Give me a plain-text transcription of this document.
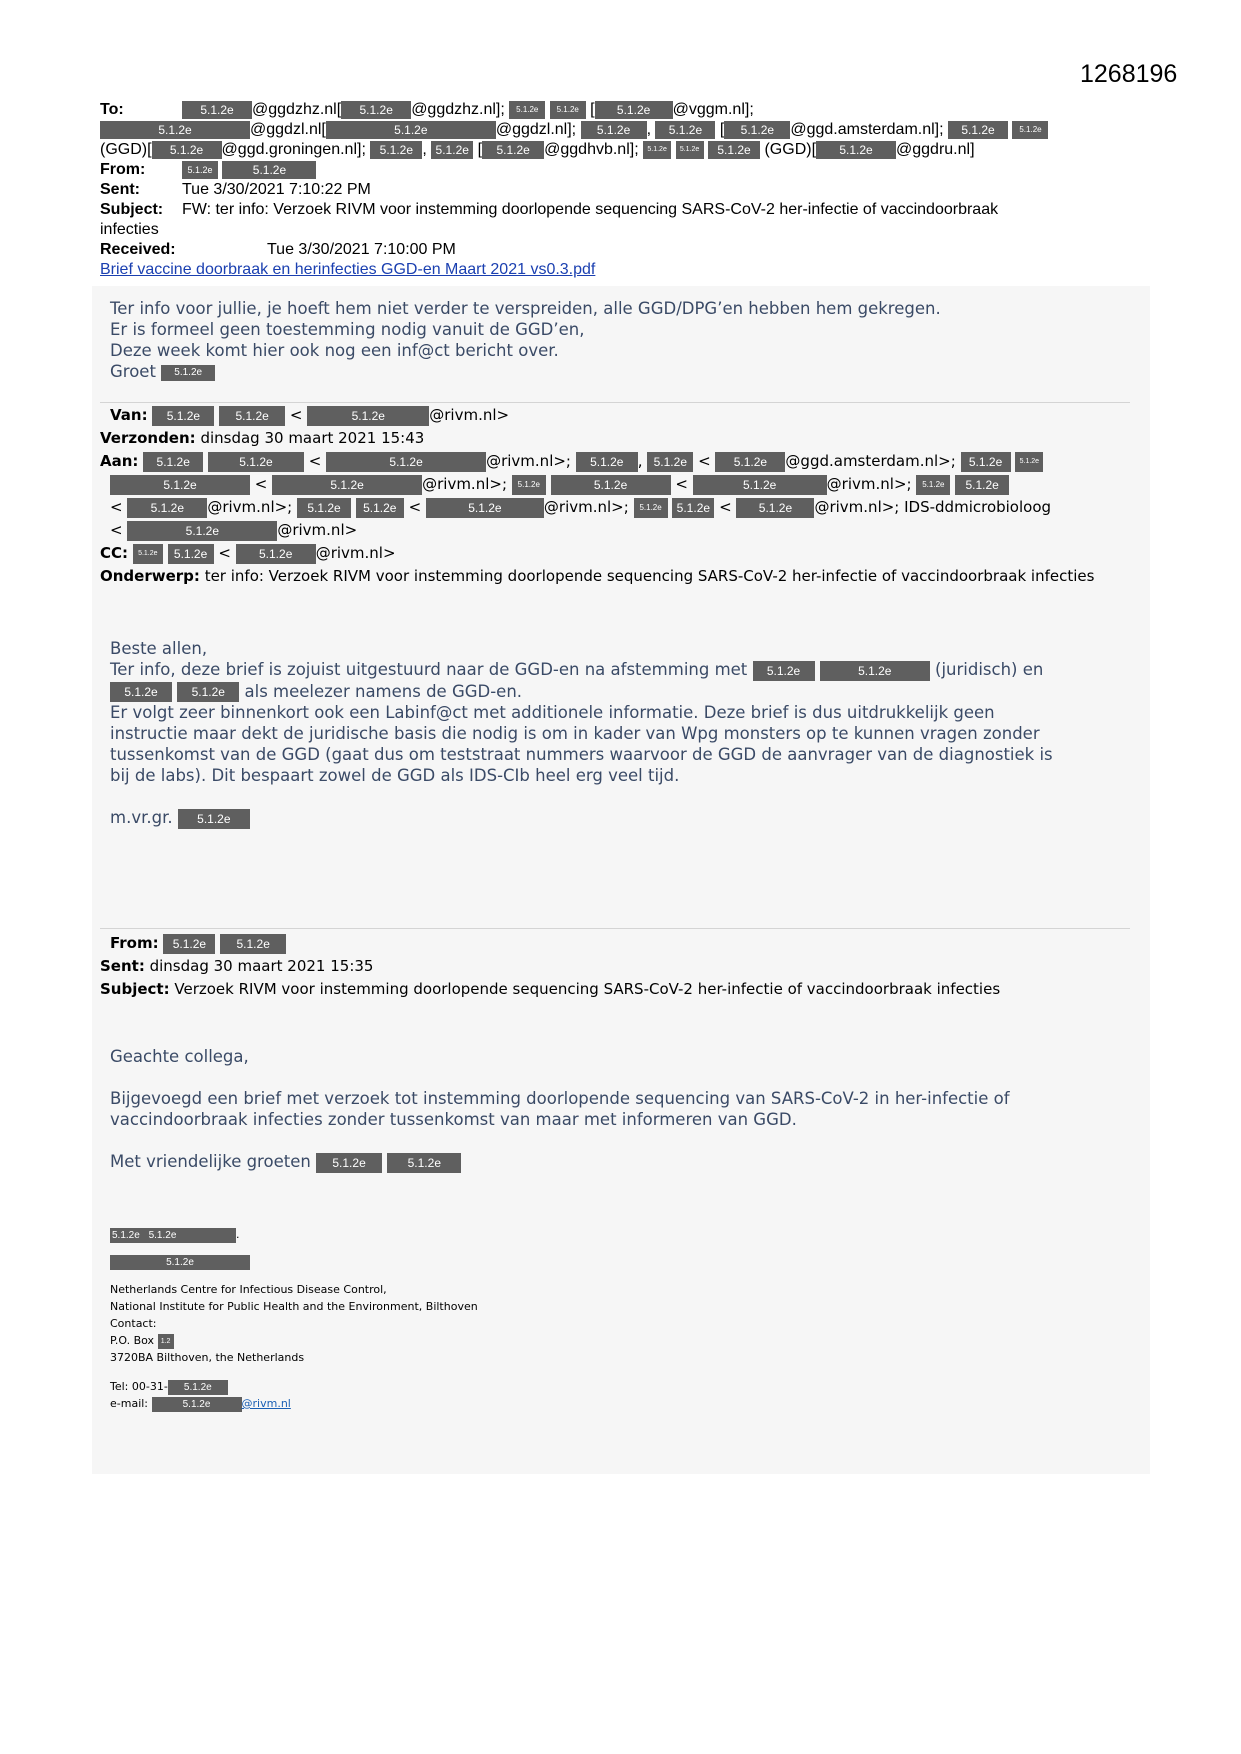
1268196
To:	5.1.2e @ggdzhz.nl[ 5.1.2e @ggdzhz.nl]; 5.1.2e 5.1.2e [ 5.1.2e @vggm.nl];
5.1.2e	@ggdzl.nl[	5.1.2e	@ggdzl.nl]; 5.1.2e , 5.1.2e [ 5.1.2e @ggd.amsterdam.nl]; 5.1.2e	5.1.2e
(GGD)[ 5.1.2e @ggd.groningen.nl]; 5.1.2e , 5.1.2e [ 5.1.2e @ggdhvb.nl]; 5.1.2e 5.1.2e 5.1.2e (GGD)[ 5.1.2e @ggdru.nl]
From:	5.1.2e	5.1.2e
Sent:	Tue 3/30/2021 7:10:22 PM
Subject: FW: ter info: Verzoek RIVM voor instemming doorlopende sequencing SARS-CoV-2 her-infectie of vaccindoorbraak
infecties
Received:	Tue 3/30/2021 7:10:00 PM
Brief vaccine doorbraak en herinfecties GGD-en Maart 2021 vs0.3.pdf
Ter info voor jullie, je hoeft hem niet verder te verspreiden, alle GGD/DPG’en hebben hem gekregen.
Er is formeel geen toestemming nodig vanuit de GGD’en,
Deze week komt hier ook nog een inf@ct bericht over.
Groet 5.1.2e
Van: 5.1.2e	5.1.2e <	5.1.2e	@rivm.nl>
Verzonden: dinsdag 30 maart 2021 15:43
Aan: 5.1.2e	5.1.2e <	5.1.2e	@rivm.nl>; 5.1.2e , 5.1.2e < 5.1.2e @ggd.amsterdam.nl>; 5.1.2e 5.1.2e
5.1.2e	<	5.1.2e	@rivm.nl>; 5.1.2e	5.1.2e	<	5.1.2e	@rivm.nl>; 5.1.2e 5.1.2e
< 5.1.2e @rivm.nl>; 5.1.2e 5.1.2e <	5.1.2e	@rivm.nl>; 5.1.2e 5.1.2e < 5.1.2e @rivm.nl>; IDS-ddmicrobioloog
<	5.1.2e	@rivm.nl>
CC: 5.1.2e 5.1.2e < 5.1.2e @rivm.nl>
Onderwerp: ter info: Verzoek RIVM voor instemming doorlopende sequencing SARS-CoV-2 her-infectie of vaccindoorbraak infecties
Beste allen,
Ter info, deze brief is zojuist uitgestuurd naar de GGD-en na afstemming met 5.1.2e	5.1.2e	(juridisch) en
5.1.2e	5.1.2e als meelezer namens de GGD-en.
Er volgt zeer binnenkort ook een Labinf@ct met additionele informatie. Deze brief is dus uitdrukkelijk geen
instructie maar dekt de juridische basis die nodig is om in kader van Wpg monsters op te kunnen vragen zonder
tussenkomst van de GGD (gaat dus om teststraat nummers waarvoor de GGD de aanvrager van de diagnostiek is
bij de labs). Dit bespaart zowel de GGD als IDS-CIb heel erg veel tijd.
m.vr.gr. 5.1.2e
From: 5.1.2e	5.1.2e
Sent: dinsdag 30 maart 2021 15:35
Subject: Verzoek RIVM voor instemming doorlopende sequencing SARS-CoV-2 her-infectie of vaccindoorbraak infecties
Geachte collega,
Bijgevoegd een brief met verzoek tot instemming doorlopende sequencing van SARS-CoV-2 in her-infectie of
vaccindoorbraak infecties zonder tussenkomst van maar met informeren van GGD.
Met vriendelijke groeten 5.1.2e	5.1.2e
5.1.2e 5.1.2e	.
5.1.2e
Netherlands Centre for Infectious Disease Control,
National Institute for Public Health and the Environment, Bilthoven
Contact:
P.O. Box 1.2
3720BA Bilthoven, the Netherlands
Tel: 00-31- 5.1.2e
e-mail:	5.1.2e	@rivm.nl
